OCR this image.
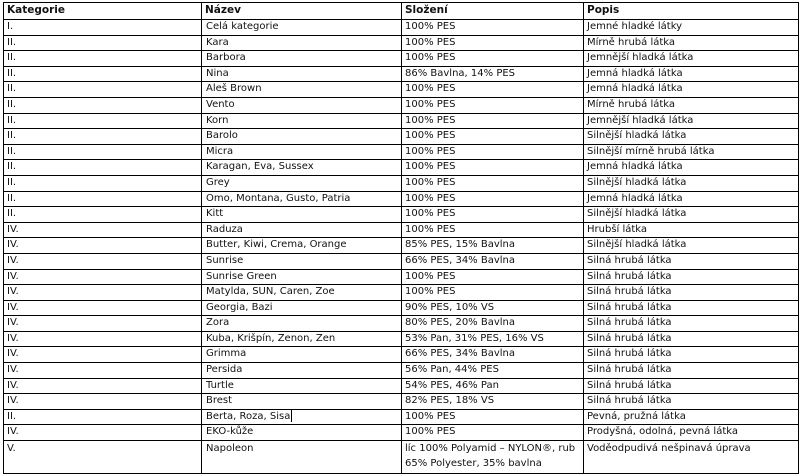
Kategorie	Název	Složení	Popis
I.	Celá kategorie	100% PES	Jemné hladké látky
II.	Kara	100% PES	Mírně hrubá látka
II.	Barbora	100% PES	Jemnější hladká látka
II.	Nina	86% Bavlna, 14% PES	Jemná hladká látka
II.	Aleš Brown	100% PES	Jemná hladká látka
II.	Vento	100% PES	Mírně hrubá látka
II.	Korn	100% PES	Jemnější hladká látka
II.	Barolo	100% PES	Silnější hladká látka
II.	Micra	100% PES	Silnější mírně hrubá látka
II.	Karagan, Eva, Sussex	100% PES	Jemná hladká látka
II.	Grey	100% PES	Silnější hladká látka
II.	Omo, Montana, Gusto, Patria	100% PES	Jemná hladká látka
II.	Kitt	100% PES	Silnější hladká látka
IV.	Raduza	100% PES	Hrubší látka
IV.	Butter, Kiwi, Crema, Orange	85% PES, 15% Bavlna	Silnější hladká látka
IV.	Sunrise	66% PES, 34% Bavlna	Silná hrubá látka
IV.	Sunrise Green	100% PES	Silná hrubá látka
IV.	Matylda, SUN, Caren, Zoe	100% PES	Silná hrubá látka
IV.	Georgia, Bazi	90% PES, 10% VS	Silná hrubá látka
IV.	Zora	80% PES, 20% Bavlna	Silná hrubá látka
IV.	Kuba, Krišpín, Zenon, Zen	53% Pan, 31% PES, 16% VS	Silná hrubá látka
IV.	Grimma	66% PES, 34% Bavlna	Silná hrubá látka
IV.	Persida	56% Pan, 44% PES	Silná hrubá látka
IV.	Turtle	54% PES, 46% Pan	Silná hrubá látka
IV.	Brest	82% PES, 18% VS	Silná hrubá látka
II.	Berta, Roza, Sisa	100% PES	Pevná, pružná látka
IV.	EKO-kůže	100% PES	Prodyšná, odolná, pevná látka
V.	Napoleon	líc 100% Polyamid – NYLON®, rub 65% Polyester, 35% bavlna	Voděodpudivá nešpinavá úprava
